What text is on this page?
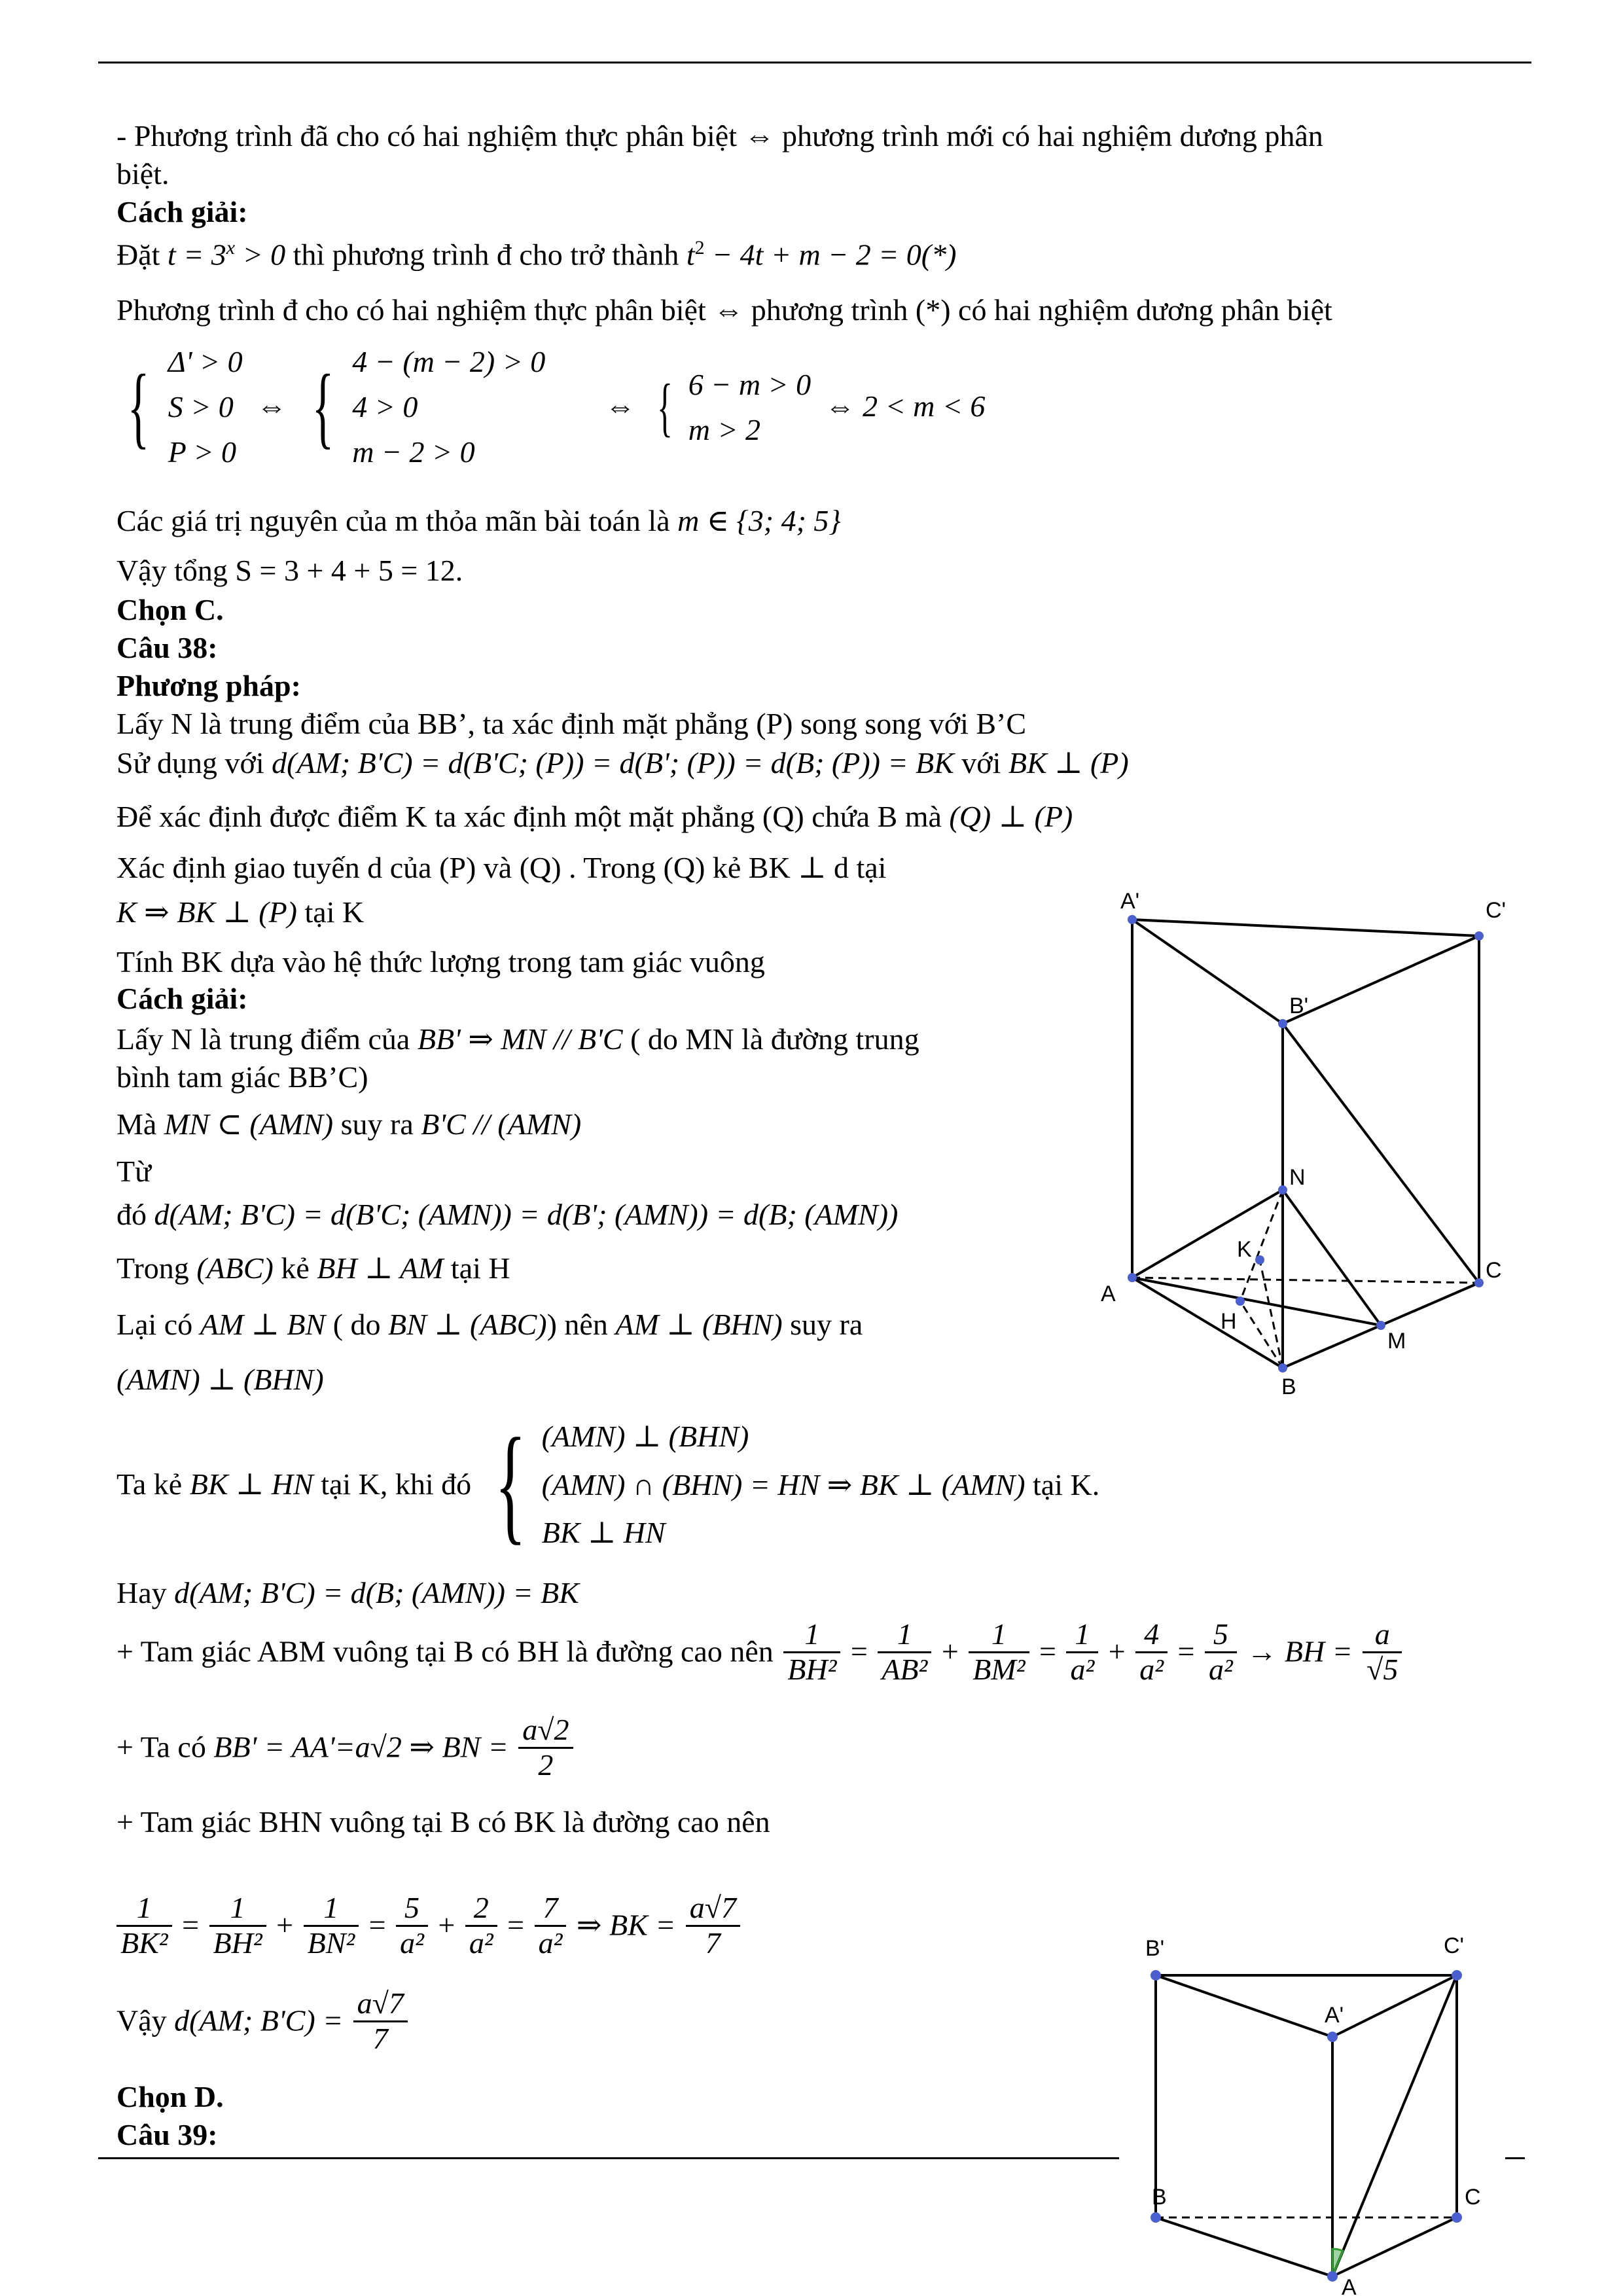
- Phương trình đã cho có hai nghiệm thực phân biệt ⇔ phương trình mới có hai nghiệm dương phân
biệt.
Cách giải:
Đặt $t = 3^x > 0$ thì phương trình đ cho trở thành $t^2 - 4t + m - 2 = 0(*)$
Phương trình đ cho có hai nghiệm thực phân biệt ⇔ phương trình (*) có hai nghiệm dương phân biệt
{ Δ' > 0
S > 0
P > 0
⇔ { 4 − (m − 2) > 0
4 > 0
m − 2 > 0
⇔ { 6 − m > 0
m > 2
⇔ 2 < m < 6
Các giá trị nguyên của m thỏa mãn bài toán là m ∈ {3; 4; 5}
Vậy tổng S = 3 + 4 + 5 = 12.
Chọn C.
Câu 38:
Phương pháp:
Lấy N là trung điểm của BB’, ta xác định mặt phẳng (P) song song với B’C
Sử dụng với d(AM; B'C) = d(B'C; (P)) = d(B'; (P)) = d(B; (P)) = BK với BK ⊥ (P)
Để xác định được điểm K ta xác định một mặt phẳng (Q) chứa B mà (Q) ⊥ (P)
Xác định giao tuyến d của (P) và (Q) . Trong (Q) kẻ BK ⊥ d tại
K ⇒ BK ⊥ (P) tại K
Tính BK dựa vào hệ thức lượng trong tam giác vuông
Cách giải:
Lấy N là trung điểm của BB' ⇒ MN // B'C ( do MN là đường trung
bình tam giác BB’C)
Mà MN ⊂ (AMN) suy ra B'C // (AMN)
Từ
đó d(AM; B'C) = d(B'C; (AMN)) = d(B'; (AMN)) = d(B; (AMN))
Trong (ABC) kẻ BH ⊥ AM tại H
Lại có AM ⊥ BN ( do BN ⊥ (ABC)) nên AM ⊥ (BHN) suy ra
(AMN) ⊥ (BHN)
Ta kẻ BK ⊥ HN tại K, khi đó { (AMN) ⊥ (BHN)
(AMN) ∩ (BHN) = HN ⇒ BK ⊥ (AMN) tại K.
BK ⊥ HN
Hay d(AM; B'C) = d(B; (AMN)) = BK
+ Tam giác ABM vuông tại B có BH là đường cao nên $\frac{1}{\text{BH²}} = \frac{1}{\text{AB²}} + \frac{1}{\text{BM²}} = \frac{1}{\text{a²}} + \frac{4}{\text{a²}} = \frac{5}{\text{a²}}$ → BH = $\frac{a}{√5}$
+ Ta có BB' = AA'=a√2 ⇒ BN = $\frac{a√2}{2}$
+ Tam giác BHN vuông tại B có BK là đường cao nên
$\frac{1}{\text{BK²}} = \frac{1}{\text{BH²}} + \frac{1}{\text{BN²}} = \frac{5}{\text{a²}} + \frac{2}{\text{a²}} = \frac{7}{\text{a²}}$ ⇒ BK = $\frac{a√7}{7}$
Vậy d(AM; $B'C) = \frac{a√7}{7}$
Chọn D.
Câu 39:
A'	C'
B'
N
K
C
A
H
M
B
B'	C'
A'
B	C
A
